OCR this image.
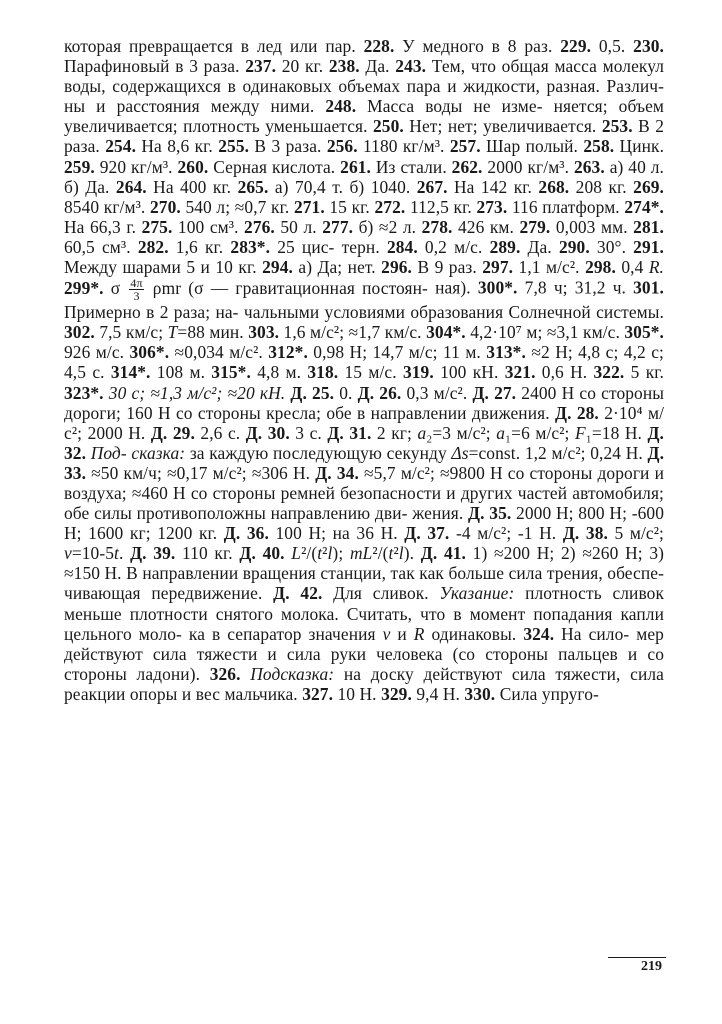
которая превращается в лед или пар. 228. У медного в 8 раз. 229. 0,5. 230. Парафиновый в 3 раза. 237. 20 кг. 238. Да. 243. Тем, что общая масса молекул воды, содержащихся в одинаковых объемах пара и жидкости, разная. Различ- ны и расстояния между ними. 248. Масса воды не изме- няется; объем увеличивается; плотность уменьшается. 250. Нет; нет; увеличивается. 253. В 2 раза. 254. На 8,6 кг. 255. В 3 раза. 256. 1180 кг/м³. 257. Шар полый. 258. Цинк. 259. 920 кг/м³. 260. Серная кислота. 261. Из стали. 262. 2000 кг/м³. 263. а) 40 л. б) Да. 264. На 400 кг. 265. а) 70,4 т. б) 1040. 267. На 142 кг. 268. 208 кг. 269. 8540 кг/м³. 270. 540 л; ≈0,7 кг. 271. 15 кг. 272. 112,5 кг. 273. 116 платформ. 274*. На 66,3 г. 275. 100 см³. 276. 50 л. 277. б) ≈2 л. 278. 426 км. 279. 0,003 мм. 281. 60,5 см³. 282. 1,6 кг. 283*. 25 цис- терн. 284. 0,2 м/с. 289. Да. 290. 30°. 291. Между шарами 5 и 10 кг. 294. а) Да; нет. 296. В 9 раз. 297. 1,1 м/с². 298. 0,4 R. 299*. σ $\frac{4\pi}{3}$ ρmr (σ — гравитационная постоян- ная). 300*. 7,8 ч; 31,2 ч. 301. Примерно в 2 раза; на- чальными условиями образования Солнечной системы. 302. 7,5 км/с; T=88 мин. 303. 1,6 м/с²; ≈1,7 км/с. 304*. 4,2·10⁷ м; ≈3,1 км/с. 305*. 926 м/с. 306*. ≈0,034 м/с². 312*. 0,98 Н; 14,7 м/с; 11 м. 313*. ≈2 Н; 4,8 с; 4,2 с; 4,5 с. 314*. 108 м. 315*. 4,8 м. 318. 15 м/с. 319. 100 кН. 321. 0,6 Н. 322. 5 кг. 323*. 30 с; ≈1,3 м/с²; ≈20 кН. Д. 25. 0. Д. 26. 0,3 м/с². Д. 27. 2400 Н со стороны дороги; 160 Н со стороны кресла; обе в направлении движения. Д. 28. 2·10⁴ м/с²; 2000 Н. Д. 29. 2,6 с. Д. 30. 3 с. Д. 31. 2 кг; a₂=3 м/с²; a₁=6 м/с²; F₁=18 Н. Д. 32. Под- сказка: за каждую последующую секунду Δs=const. 1,2 м/с²; 0,24 Н. Д. 33. ≈50 км/ч; ≈0,17 м/с²; ≈306 Н. Д. 34. ≈5,7 м/с²; ≈9800 Н со стороны дороги и воздуха; ≈460 Н со стороны ремней безопасности и других частей автомобиля; обе силы противоположны направлению дви- жения. Д. 35. 2000 Н; 800 Н; -600 Н; 1600 кг; 1200 кг. Д. 36. 100 Н; на 36 Н. Д. 37. -4 м/с²; -1 Н. Д. 38. 5 м/с²; v=10-5t. Д. 39. 110 кг. Д. 40. L²/(t²l); mL²/(t²l). Д. 41. 1) ≈200 Н; 2) ≈260 Н; 3) ≈150 Н. В направлении вращения станции, так как больше сила трения, обеспе- чивающая передвижение. Д. 42. Для сливок. Указание: плотность сливок меньше плотности снятого молока. Считать, что в момент попадания капли цельного моло- ка в сепаратор значения v и R одинаковы. 324. На сило- мер действуют сила тяжести и сила руки человека (со стороны пальцев и со стороны ладони). 326. Подсказка: на доску действуют сила тяжести, сила реакции опоры и вес мальчика. 327. 10 Н. 329. 9,4 Н. 330. Сила упруго-

219
